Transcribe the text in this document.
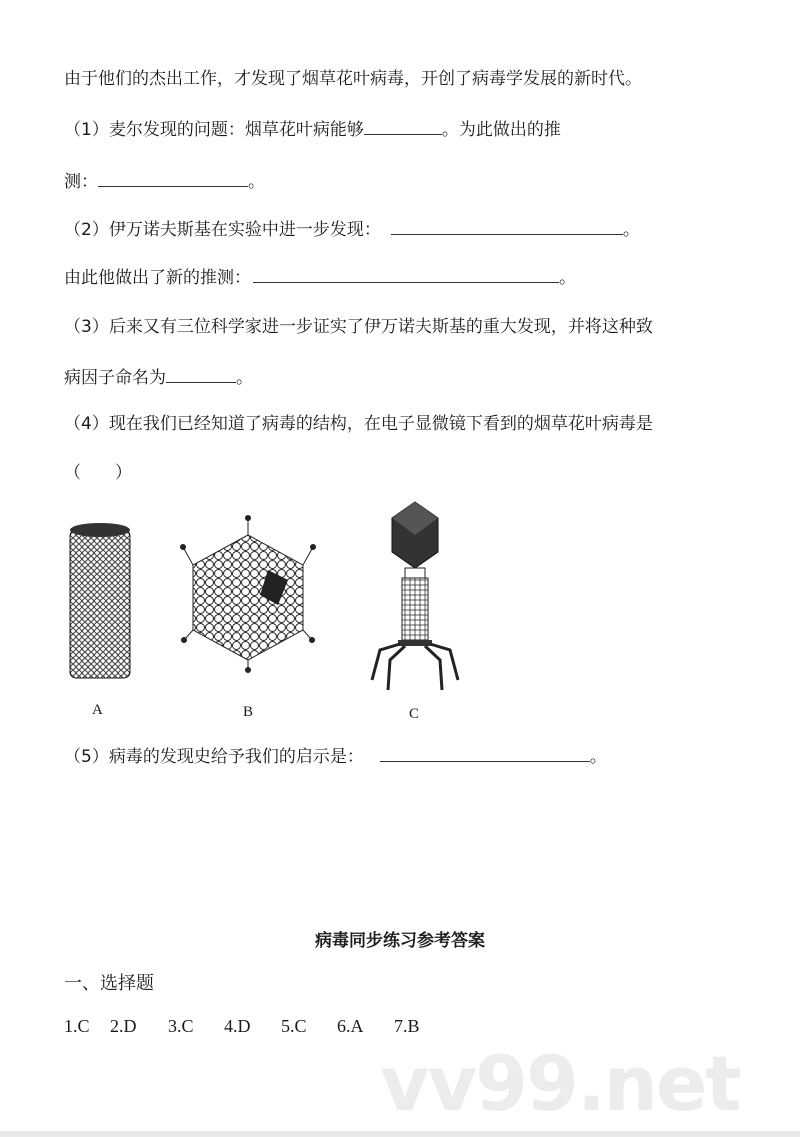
由于他们的杰出工作，才发现了烟草花叶病毒，开创了病毒学发展的新时代。
（1）麦尔发现的问题：烟草花叶病能够	。为此做出的推
测：	。
（2）伊万诺夫斯基在实验中进一步发现：	。
由此他做出了新的推测：	。
（3）后来又有三位科学家进一步证实了伊万诺夫斯基的重大发现，并将这种致
病因子命名为	。
（4）现在我们已经知道了病毒的结构，在电子显微镜下看到的烟草花叶病毒是
（　　）
A	B	C
（5）病毒的发现史给予我们的启示是：	。
病毒同步练习参考答案
一、选择题
1.C 2.D 3.C 4.D 5.C 6.A 7.B
vv99.net
